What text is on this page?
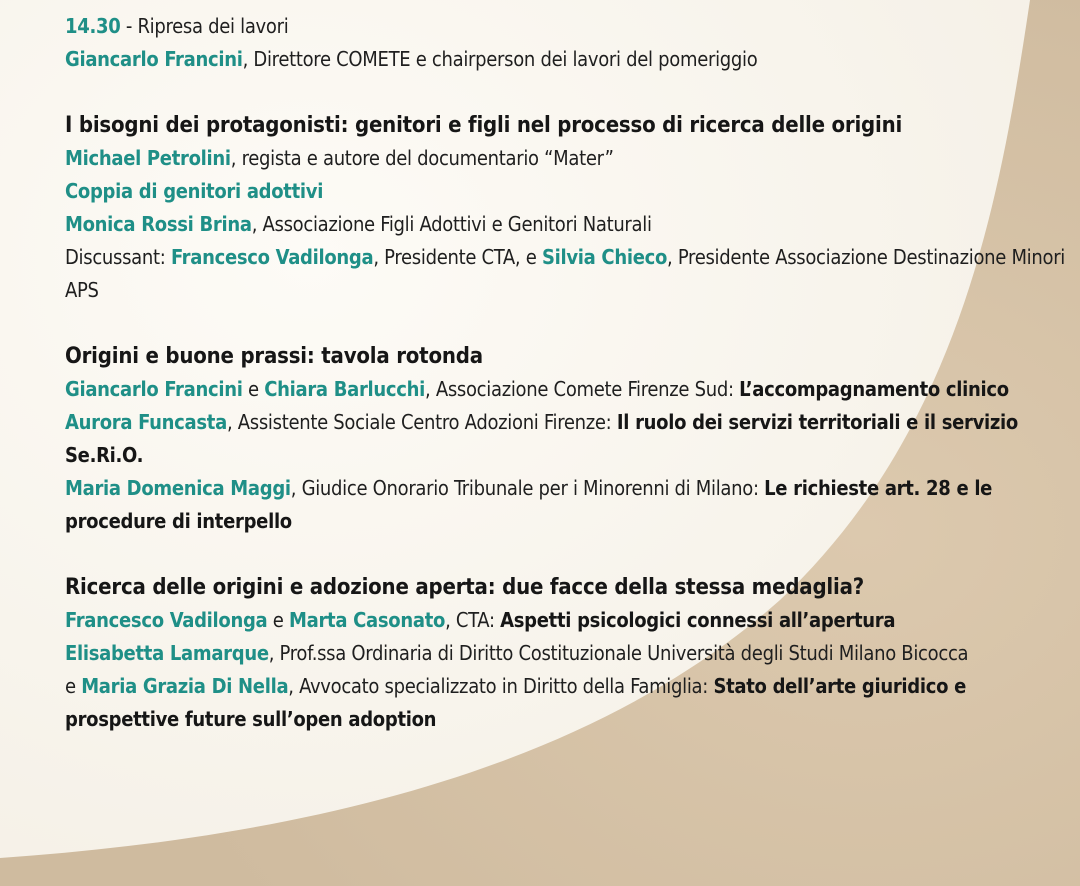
14.30 - Ripresa dei lavori

Giancarlo Francini, Direttore COMETE e chairperson dei lavori del pomeriggio

I bisogni dei protagonisti: genitori e figli nel processo di ricerca delle origini

Michael Petrolini, regista e autore del documentario “Mater”

Coppia di genitori adottivi

Monica Rossi Brina, Associazione Figli Adottivi e Genitori Naturali

Discussant: Francesco Vadilonga, Presidente CTA, e Silvia Chieco, Presidente Associazione Destinazione Minori APS

Origini e buone prassi: tavola rotonda

Giancarlo Francini e Chiara Barlucchi, Associazione Comete Firenze Sud: L’accompagnamento clinico

Aurora Funcasta, Assistente Sociale Centro Adozioni Firenze: Il ruolo dei servizi territoriali e il servizio Se.Ri.O.

Maria Domenica Maggi, Giudice Onorario Tribunale per i Minorenni di Milano: Le richieste art. 28 e le procedure di interpello

Ricerca delle origini e adozione aperta: due facce della stessa medaglia?

Francesco Vadilonga e Marta Casonato, CTA: Aspetti psicologici connessi all’apertura

Elisabetta Lamarque, Prof.ssa Ordinaria di Diritto Costituzionale Università degli Studi Milano Bicocca

e Maria Grazia Di Nella, Avvocato specializzato in Diritto della Famiglia: Stato dell’arte giuridico e prospettive future sull’open adoption
